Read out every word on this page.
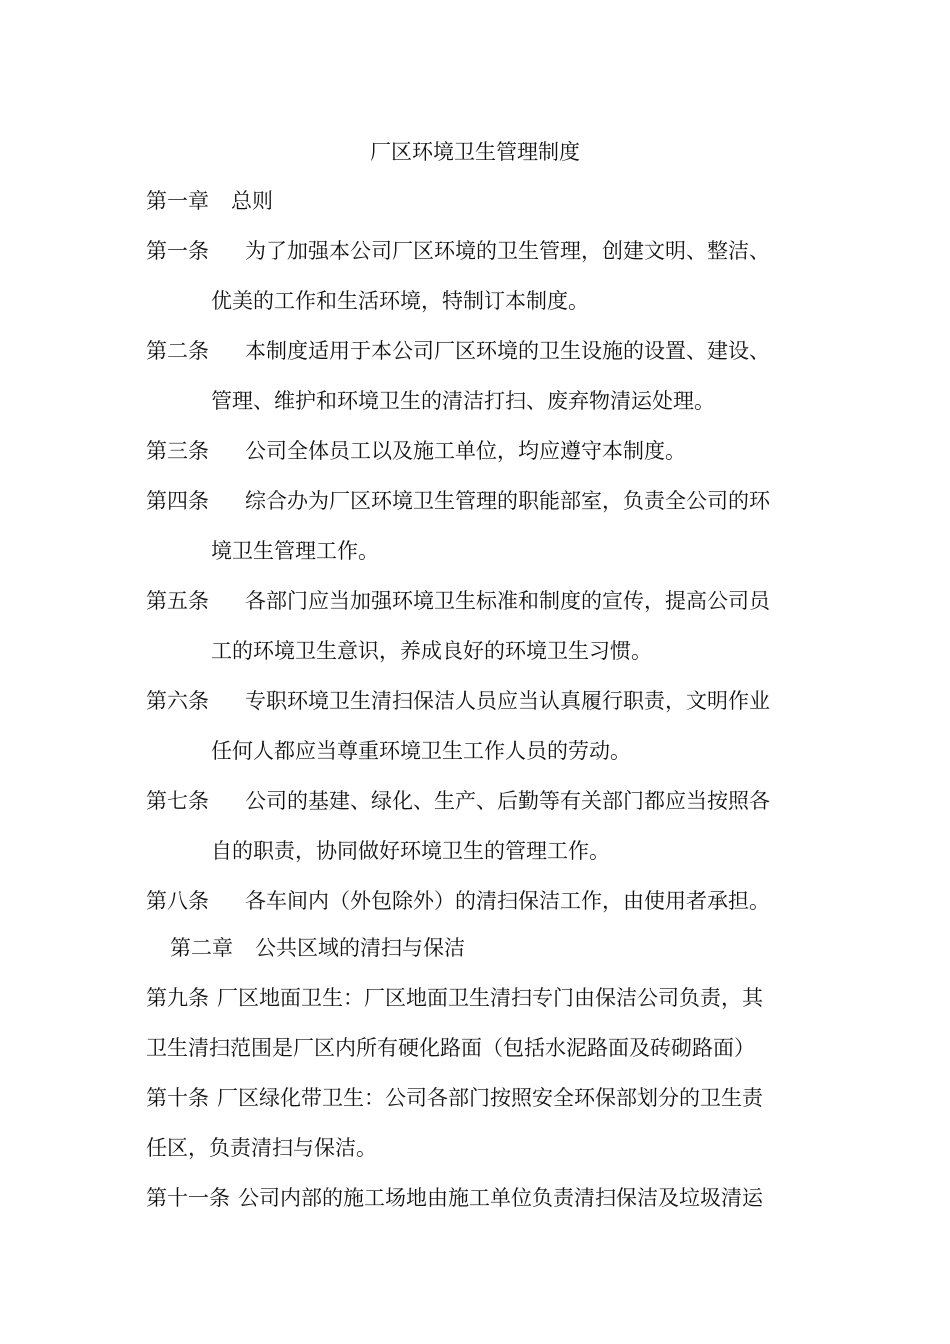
厂区环境卫生管理制度
第一章 总则
第一条 为了加强本公司厂区环境的卫生管理，创建文明、整洁、
优美的工作和生活环境，特制订本制度。
第二条 本制度适用于本公司厂区环境的卫生设施的设置、建设、
管理、维护和环境卫生的清洁打扫、废弃物清运处理。
第三条 公司全体员工以及施工单位，均应遵守本制度。
第四条 综合办为厂区环境卫生管理的职能部室，负责全公司的环
境卫生管理工作。
第五条 各部门应当加强环境卫生标准和制度的宣传，提高公司员
工的环境卫生意识，养成良好的环境卫生习惯。
第六条 专职环境卫生清扫保洁人员应当认真履行职责，文明作业
任何人都应当尊重环境卫生工作人员的劳动。
第七条 公司的基建、绿化、生产、后勤等有关部门都应当按照各
自的职责，协同做好环境卫生的管理工作。
第八条 各车间内（外包除外）的清扫保洁工作，由使用者承担。
第二章 公共区域的清扫与保洁
第九条 厂区地面卫生：厂区地面卫生清扫专门由保洁公司负责，其
卫生清扫范围是厂区内所有硬化路面（包括水泥路面及砖砌路面）
第十条 厂区绿化带卫生：公司各部门按照安全环保部划分的卫生责
任区，负责清扫与保洁。
第十一条 公司内部的施工场地由施工单位负责清扫保洁及垃圾清运
